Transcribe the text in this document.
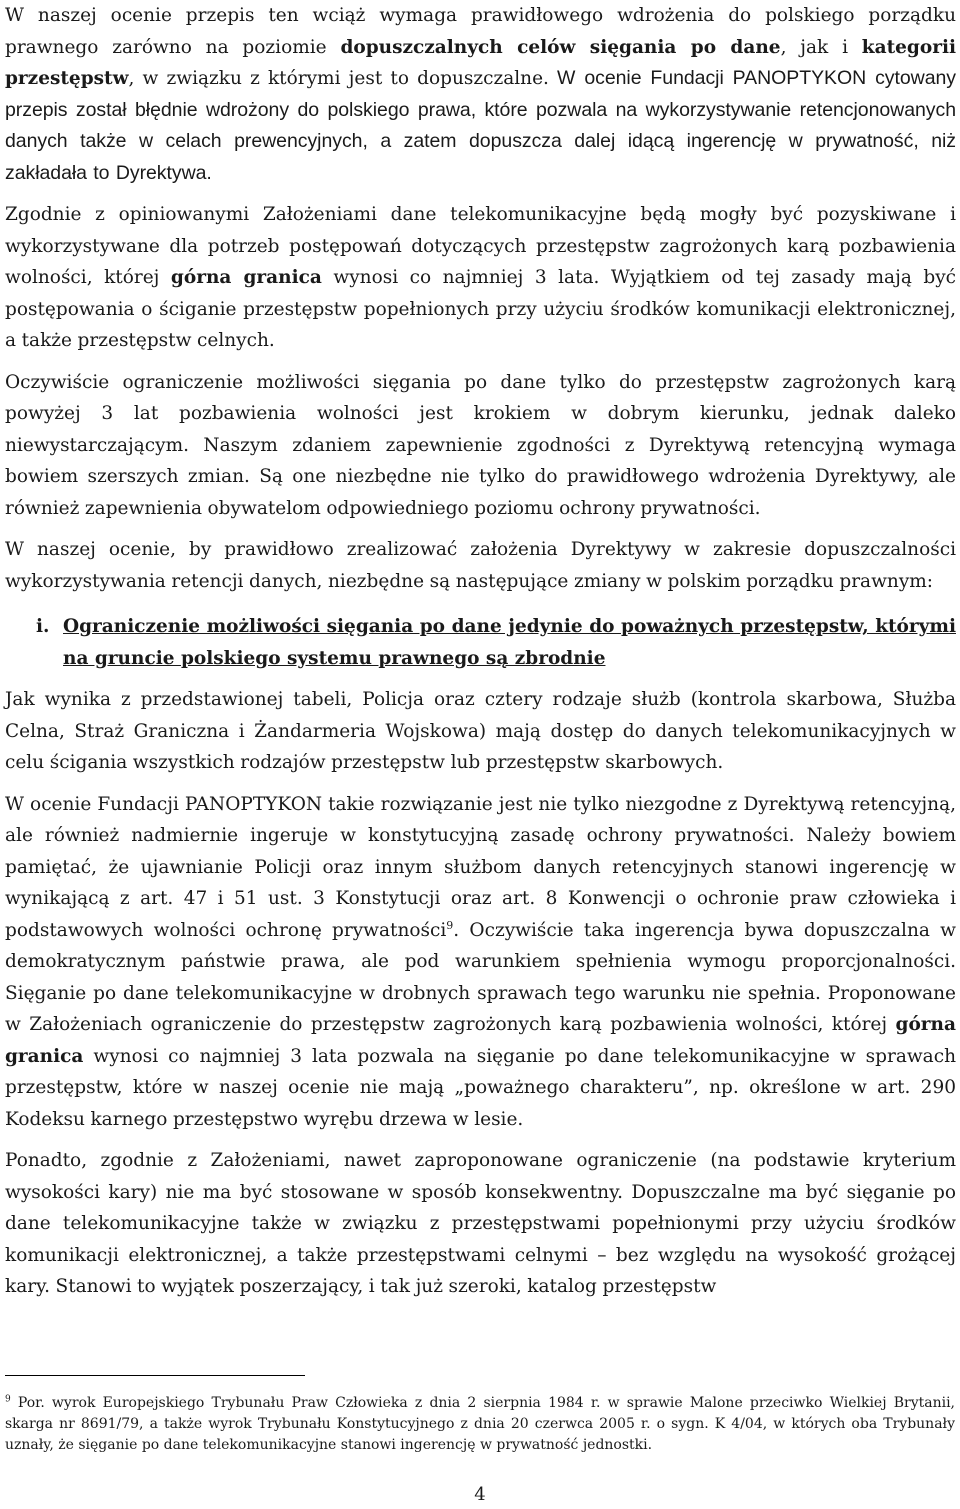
W naszej ocenie przepis ten wciąż wymaga prawidłowego wdrożenia do polskiego porządku prawnego zarówno na poziomie dopuszczalnych celów sięgania po dane, jak i kategorii przestępstw, w związku z którymi jest to dopuszczalne. W ocenie Fundacji PANOPTYKON cytowany przepis został błędnie wdrożony do polskiego prawa, które pozwala na wykorzystywanie retencjonowanych danych także w celach prewencyjnych, a zatem dopuszcza dalej idącą ingerencję w prywatność, niż zakładała to Dyrektywa.

Zgodnie z opiniowanymi Założeniami dane telekomunikacyjne będą mogły być pozyskiwane i wykorzystywane dla potrzeb postępowań dotyczących przestępstw zagrożonych karą pozbawienia wolności, której górna granica wynosi co najmniej 3 lata. Wyjątkiem od tej zasady mają być postępowania o ściganie przestępstw popełnionych przy użyciu środków komunikacji elektronicznej, a także przestępstw celnych.

Oczywiście ograniczenie możliwości sięgania po dane tylko do przestępstw zagrożonych karą powyżej 3 lat pozbawienia wolności jest krokiem w dobrym kierunku, jednak daleko niewystarczającym. Naszym zdaniem zapewnienie zgodności z Dyrektywą retencyjną wymaga bowiem szerszych zmian. Są one niezbędne nie tylko do prawidłowego wdrożenia Dyrektywy, ale również zapewnienia obywatelom odpowiedniego poziomu ochrony prywatności.

W naszej ocenie, by prawidłowo zrealizować założenia Dyrektywy w zakresie dopuszczalności wykorzystywania retencji danych, niezbędne są następujące zmiany w polskim porządku prawnym:

i. Ograniczenie możliwości sięgania po dane jedynie do poważnych przestępstw, którymi na gruncie polskiego systemu prawnego są zbrodnie

Jak wynika z przedstawionej tabeli, Policja oraz cztery rodzaje służb (kontrola skarbowa, Służba Celna, Straż Graniczna i Żandarmeria Wojskowa) mają dostęp do danych telekomunikacyjnych w celu ścigania wszystkich rodzajów przestępstw lub przestępstw skarbowych.

W ocenie Fundacji PANOPTYKON takie rozwiązanie jest nie tylko niezgodne z Dyrektywą retencyjną, ale również nadmiernie ingeruje w konstytucyjną zasadę ochrony prywatności. Należy bowiem pamiętać, że ujawnianie Policji oraz innym służbom danych retencyjnych stanowi ingerencję w wynikającą z art. 47 i 51 ust. 3 Konstytucji oraz art. 8 Konwencji o ochronie praw człowieka i podstawowych wolności ochronę prywatności$^9$. Oczywiście taka ingerencja bywa dopuszczalna w demokratycznym państwie prawa, ale pod warunkiem spełnienia wymogu proporcjonalności. Sięganie po dane telekomunikacyjne w drobnych sprawach tego warunku nie spełnia. Proponowane w Założeniach ograniczenie do przestępstw zagrożonych karą pozbawienia wolności, której górna granica wynosi co najmniej 3 lata pozwala na sięganie po dane telekomunikacyjne w sprawach przestępstw, które w naszej ocenie nie mają „poważnego charakteru”, np. określone w art. 290 Kodeksu karnego przestępstwo wyrębu drzewa w lesie.

Ponadto, zgodnie z Założeniami, nawet zaproponowane ograniczenie (na podstawie kryterium wysokości kary) nie ma być stosowane w sposób konsekwentny. Dopuszczalne ma być sięganie po dane telekomunikacyjne także w związku z przestępstwami popełnionymi przy użyciu środków komunikacji elektronicznej, a także przestępstwami celnymi – bez względu na wysokość grożącej kary. Stanowi to wyjątek poszerzający, i tak już szeroki, katalog przestępstw

$^9$ Por. wyrok Europejskiego Trybunału Praw Człowieka z dnia 2 sierpnia 1984 r. w sprawie Malone przeciwko Wielkiej Brytanii, skarga nr 8691/79, a także wyrok Trybunału Konstytucyjnego z dnia 20 czerwca 2005 r. o sygn. K 4/04, w których oba Trybunały uznały, że sięganie po dane telekomunikacyjne stanowi ingerencję w prywatność jednostki.

4
